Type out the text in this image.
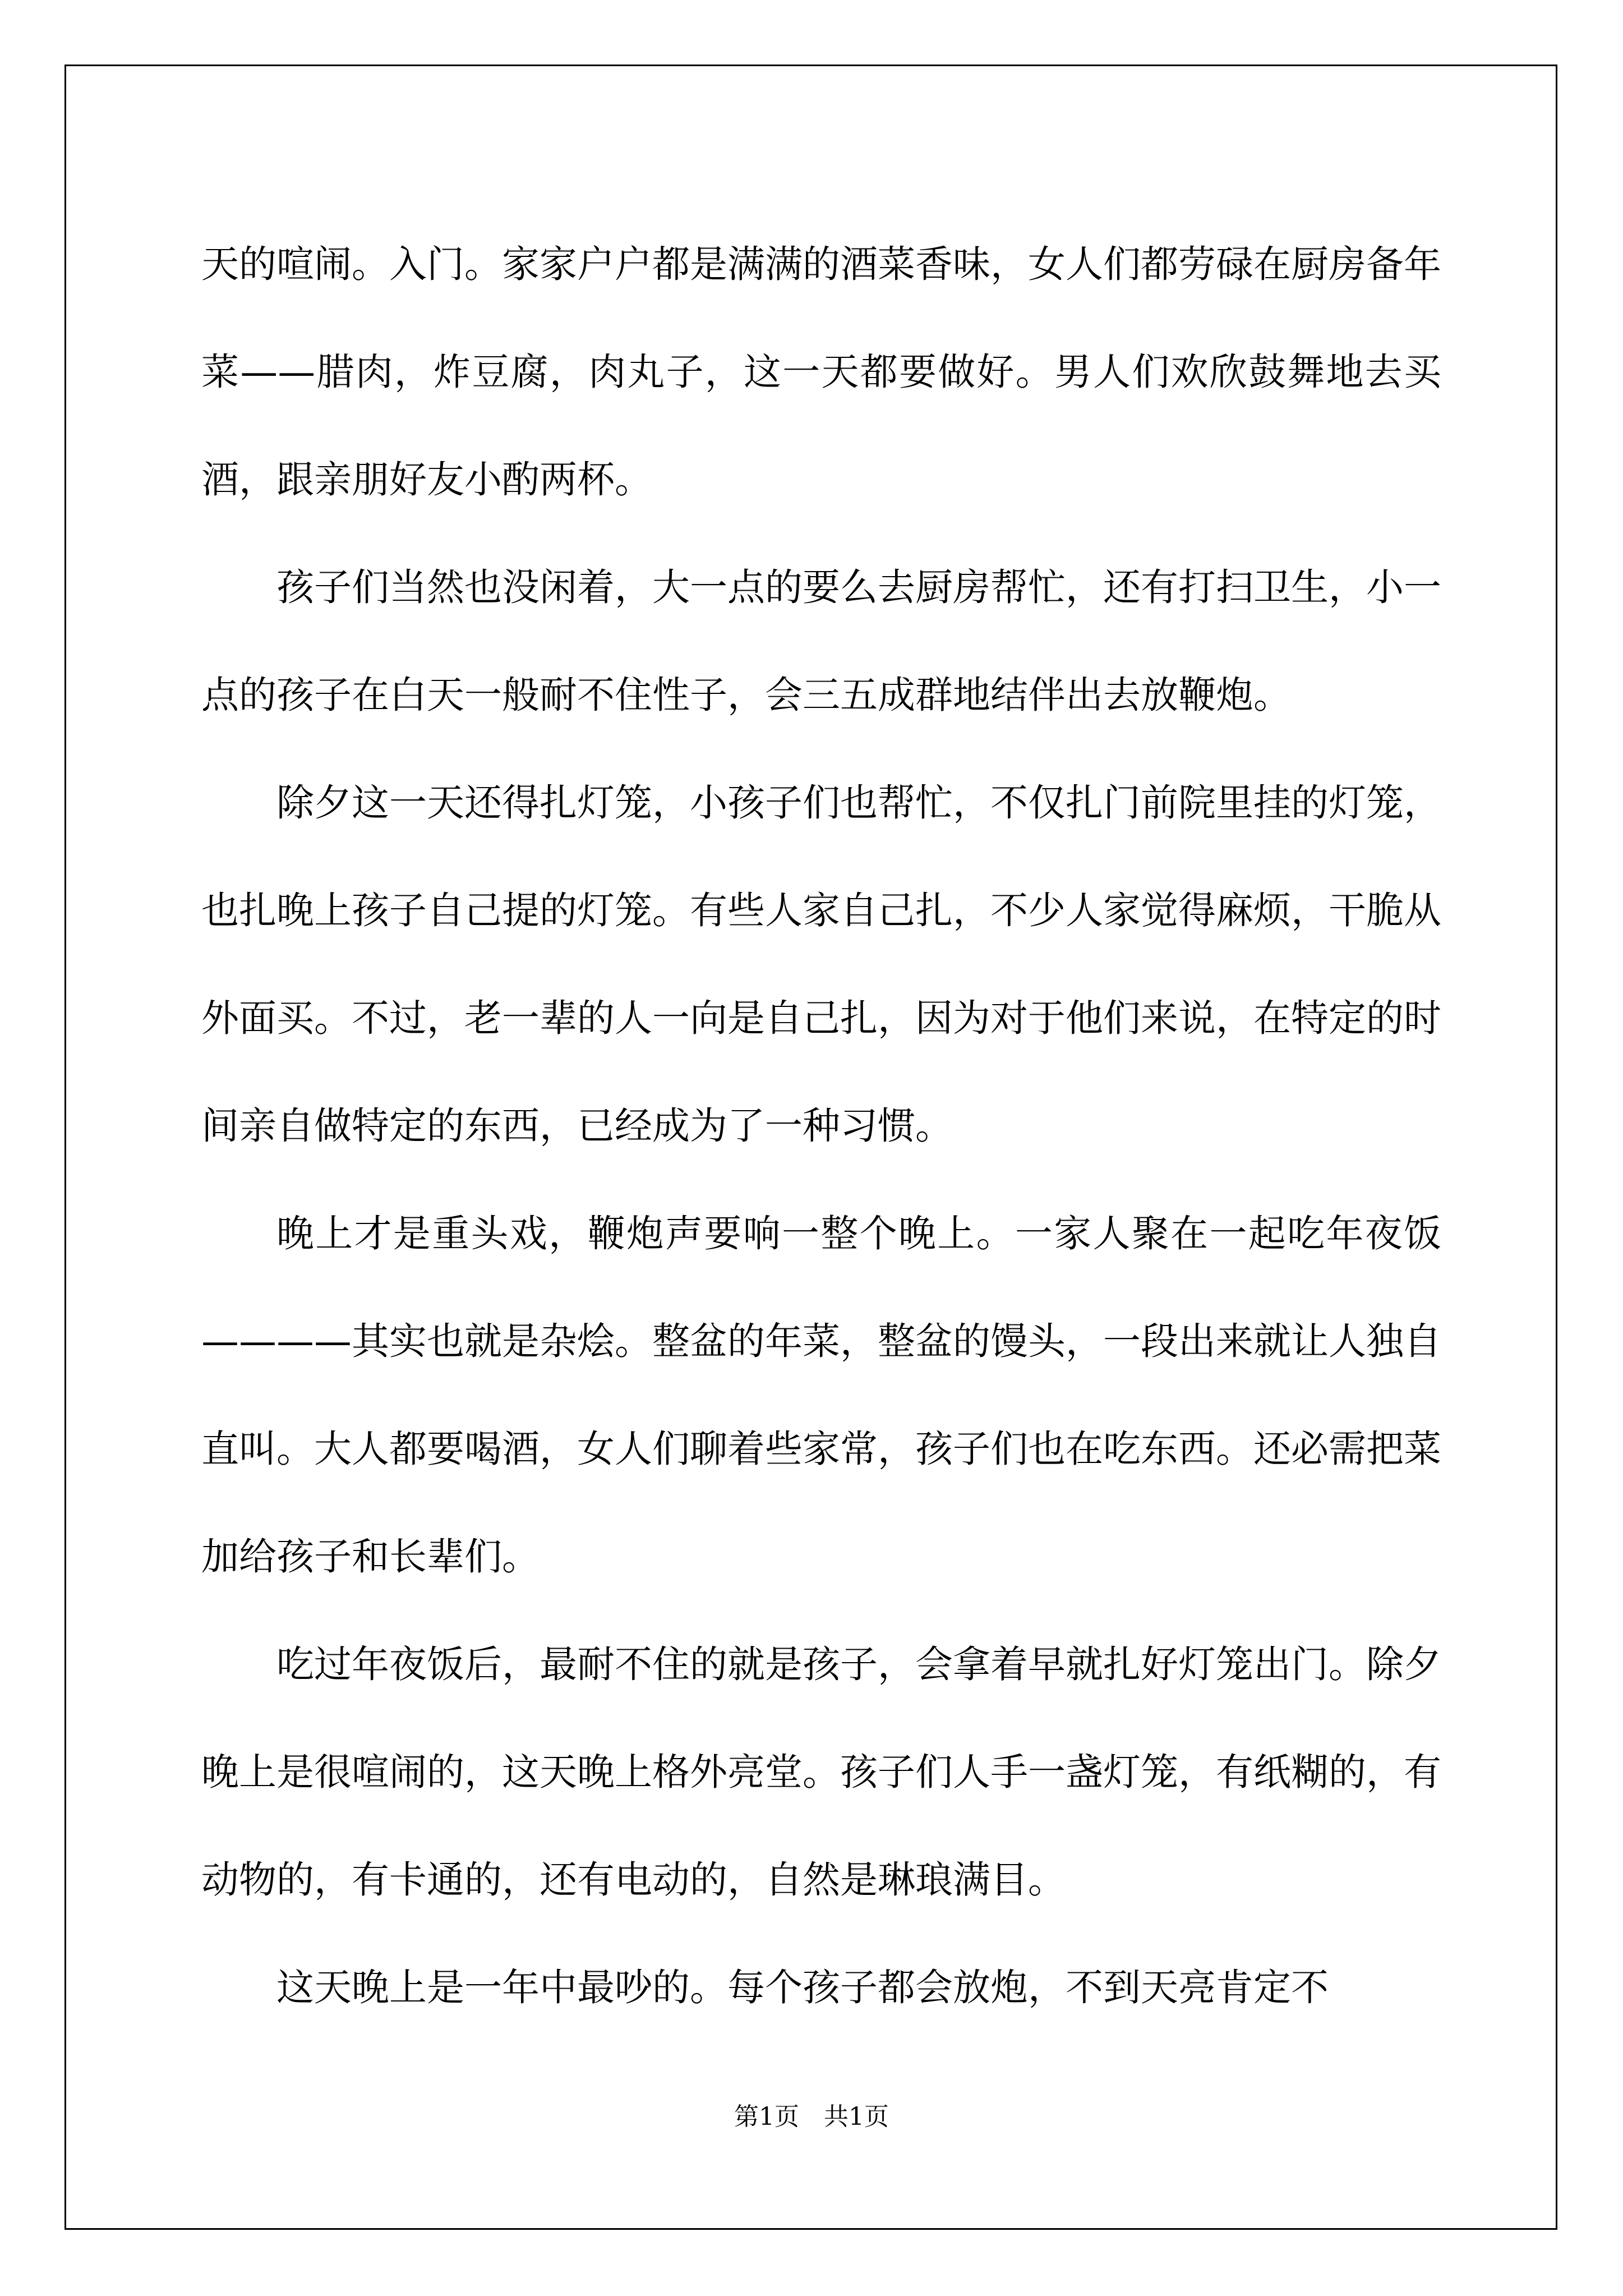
天的喧闹。入门。家家户户都是满满的酒菜香味，女人们都劳碌在厨房备年菜——腊肉，炸豆腐，肉丸子，这一天都要做好。男人们欢欣鼓舞地去买酒，跟亲朋好友小酌两杯。

孩子们当然也没闲着，大一点的要么去厨房帮忙，还有打扫卫生，小一点的孩子在白天一般耐不住性子，会三五成群地结伴出去放鞭炮。

除夕这一天还得扎灯笼，小孩子们也帮忙，不仅扎门前院里挂的灯笼，也扎晚上孩子自己提的灯笼。有些人家自己扎，不少人家觉得麻烦，干脆从外面买。不过，老一辈的人一向是自己扎，因为对于他们来说，在特定的时间亲自做特定的东西，已经成为了一种习惯。

晚上才是重头戏，鞭炮声要响一整个晚上。一家人聚在一起吃年夜饭————其实也就是杂烩。整盆的年菜，整盆的馒头，一段出来就让人独自直叫。大人都要喝酒，女人们聊着些家常，孩子们也在吃东西。还必需把菜加给孩子和长辈们。

吃过年夜饭后，最耐不住的就是孩子，会拿着早就扎好灯笼出门。除夕晚上是很喧闹的，这天晚上格外亮堂。孩子们人手一盏灯笼，有纸糊的，有动物的，有卡通的，还有电动的，自然是琳琅满目。

这天晚上是一年中最吵的。每个孩子都会放炮，不到天亮肯定不

第1页 共1页
